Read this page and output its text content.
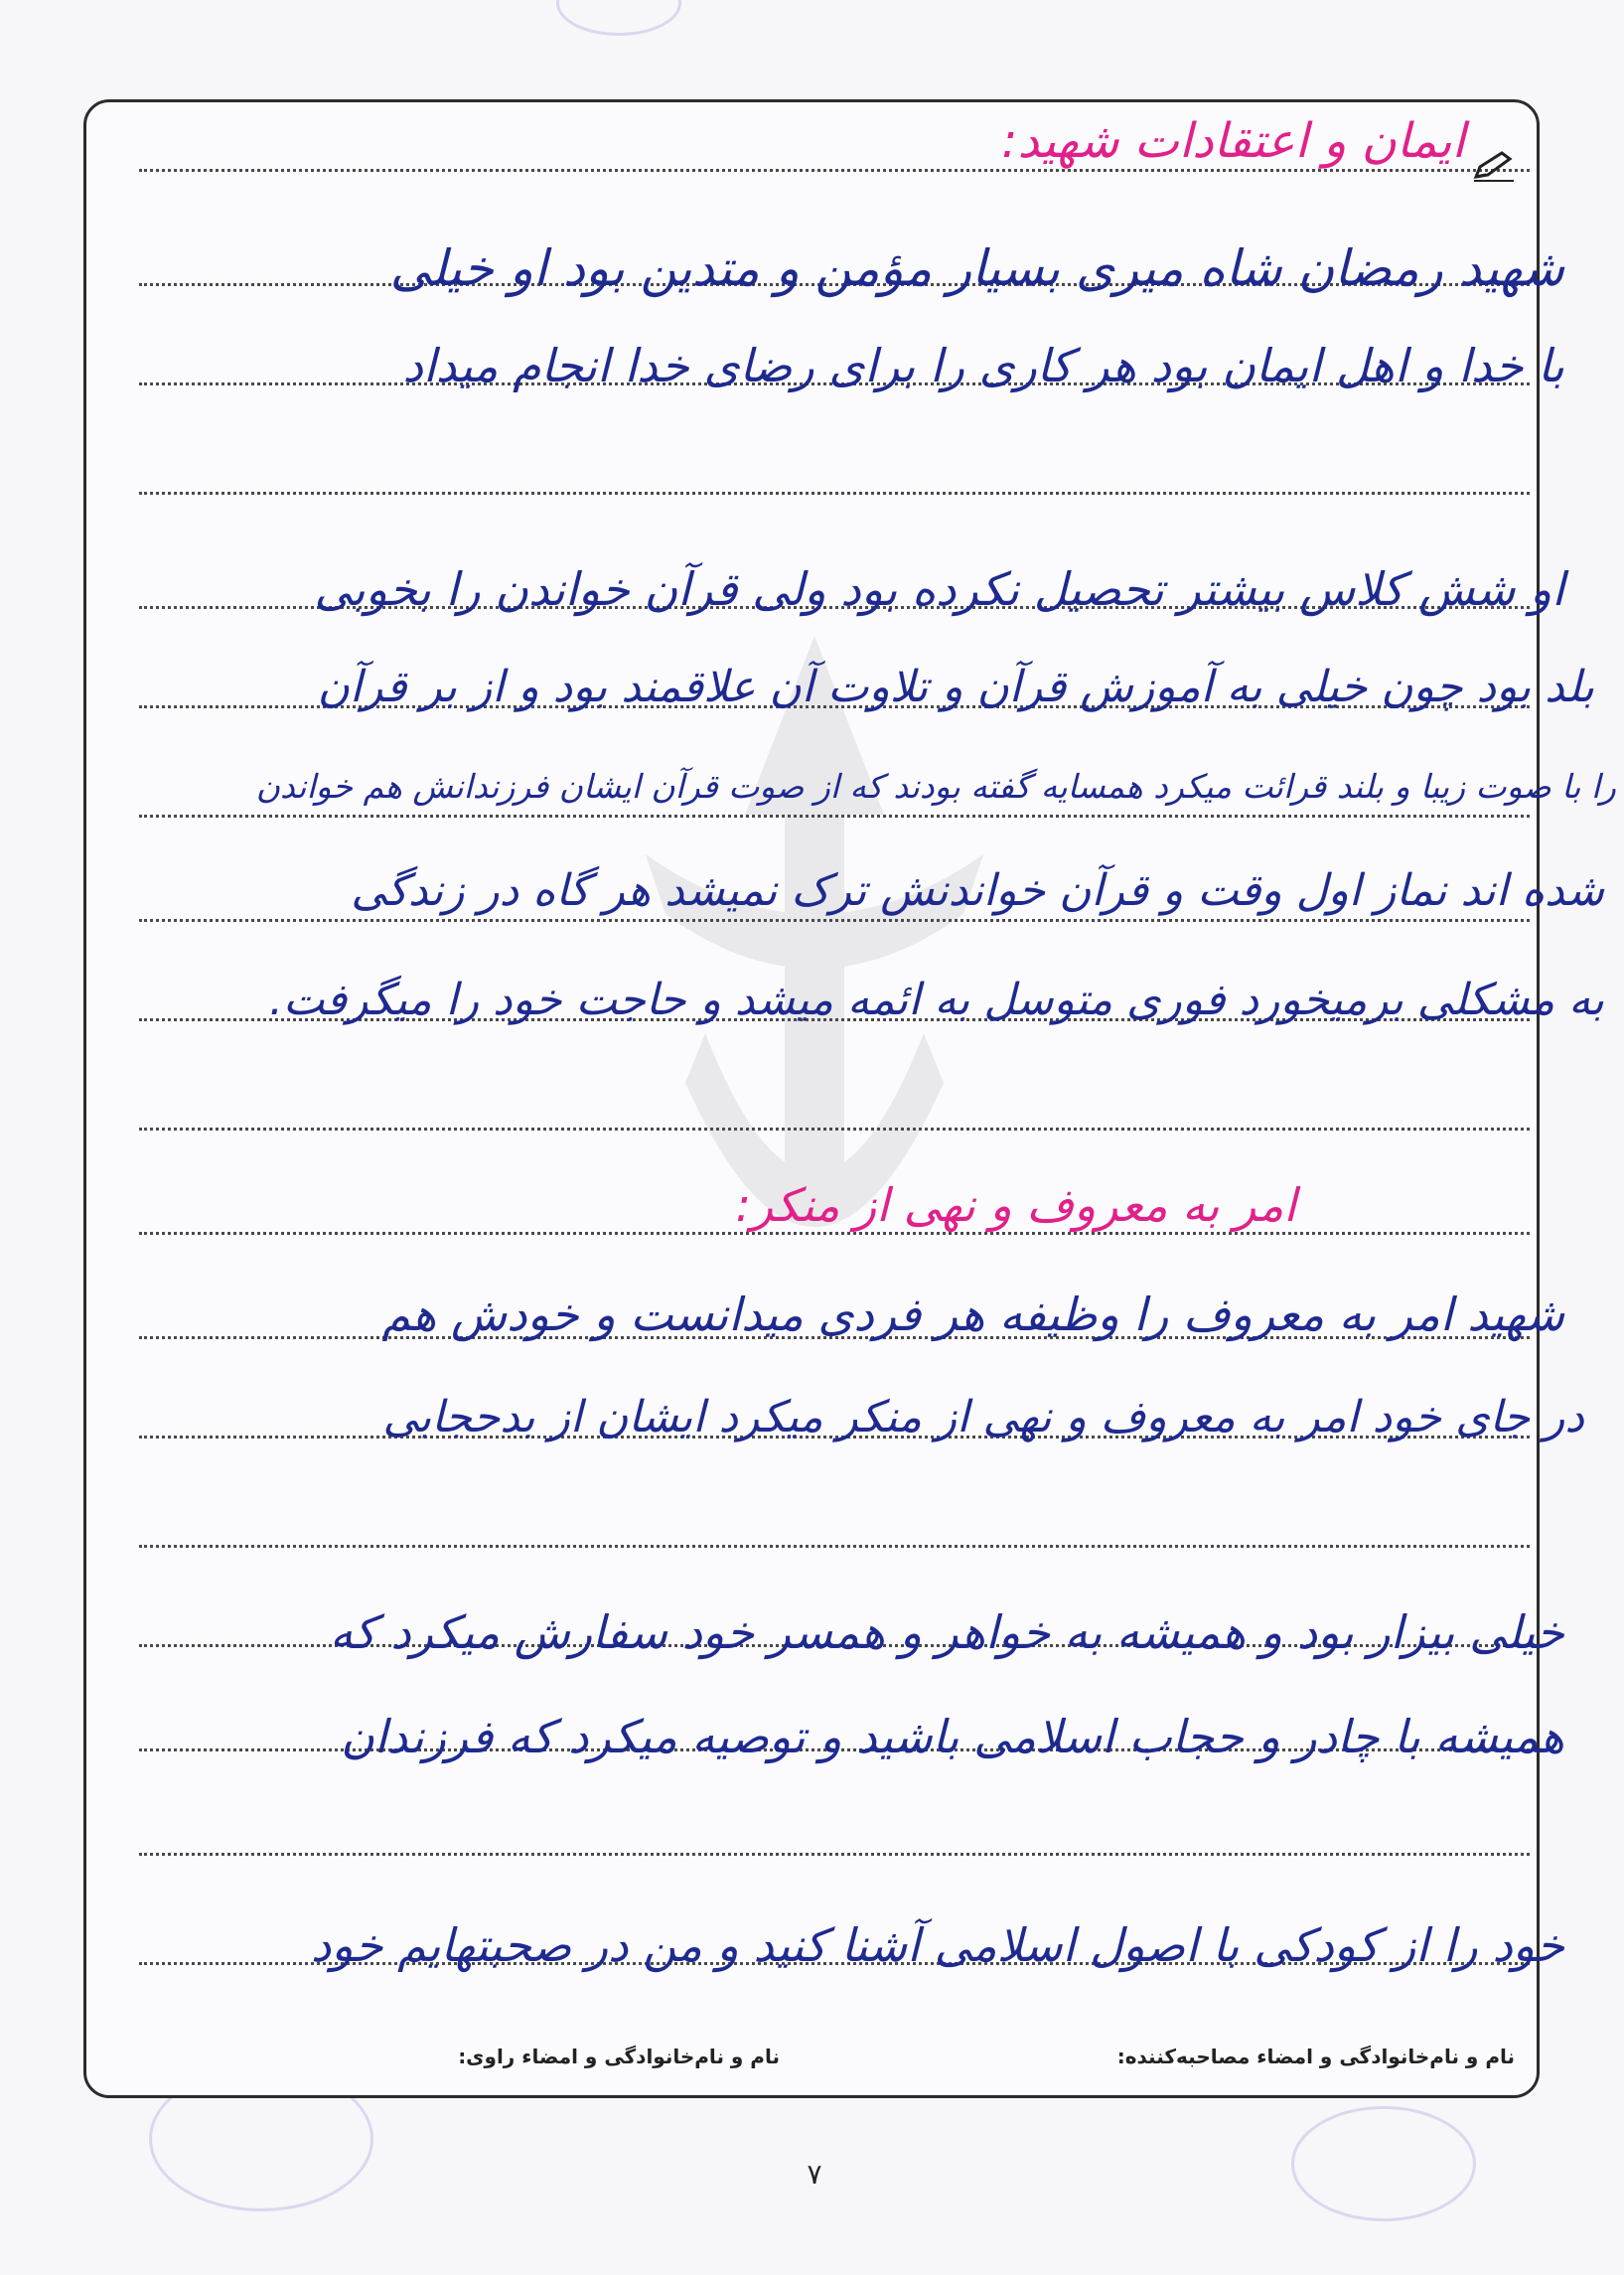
ایمان و اعتقادات شهید:
امر به معروف و نهی از منکر:
شهید رمضان شاه میری بسیار مؤمن و متدین بود او خیلی
با خدا و اهل ایمان بود هر کاری را برای رضای خدا انجام میداد
او شش کلاس بیشتر تحصیل نکرده بود ولی قرآن خواندن را بخوبی
بلد بود چون خیلی به آموزش قرآن و تلاوت آن علاقمند بود و از بر قرآن
را با صوت زیبا و بلند قرائت میکرد همسایه گفته بودند که از صوت قرآن ایشان فرزندانش هم خواندن
شده اند نماز اول وقت و قرآن خواندنش ترک نمیشد هر گاه در زندگی
به مشکلی برمیخورد فوری متوسل به ائمه میشد و حاجت خود را میگرفت.
شهید امر به معروف را وظیفه هر فردی میدانست و خودش هم
در جای خود امر به معروف و نهی از منکر میکرد ایشان از بدحجابی
خیلی بیزار بود و همیشه به خواهر و همسر خود سفارش میکرد که
همیشه با چادر و حجاب اسلامی باشید و توصیه میکرد که فرزندان
خود را از کودکی با اصول اسلامی آشنا کنید و من در صحبتهایم خود
نام و نام‌خانوادگی و امضاء مصاحبه‌کننده:
نام و نام‌خانوادگی و امضاء راوی:
۷
